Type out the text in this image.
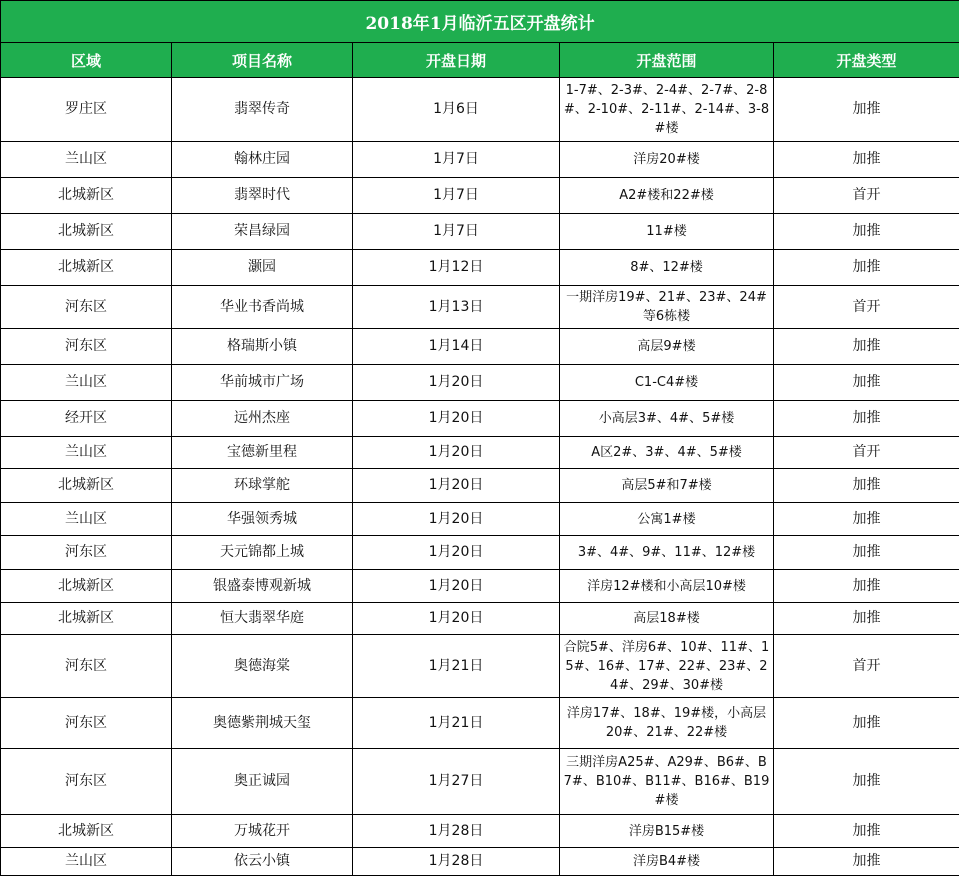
2018年1月临沂五区开盘统计				
区域	项目名称	开盘日期	开盘范围	开盘类型
罗庄区	翡翠传奇	1月6日	1-7#、2-3#、2-4#、2-7#、2-8#、2-10#、2-11#、2-14#、3-8#楼	加推
兰山区	翰林庄园	1月7日	洋房20#楼	加推
北城新区	翡翠时代	1月7日	A2#楼和22#楼	首开
北城新区	荣昌绿园	1月7日	11#楼	加推
北城新区	灏园	1月12日	8#、12#楼	加推
河东区	华业书香尚城	1月13日	一期洋房19#、21#、23#、24#等6栋楼	首开
河东区	格瑞斯小镇	1月14日	高层9#楼	加推
兰山区	华前城市广场	1月20日	C1-C4#楼	加推
经开区	远州杰座	1月20日	小高层3#、4#、5#楼	加推
兰山区	宝德新里程	1月20日	A区2#、3#、4#、5#楼	首开
北城新区	环球掌舵	1月20日	高层5#和7#楼	加推
兰山区	华强领秀城	1月20日	公寓1#楼	加推
河东区	天元锦都上城	1月20日	3#、4#、9#、11#、12#楼	加推
北城新区	银盛泰博观新城	1月20日	洋房12#楼和小高层10#楼	加推
北城新区	恒大翡翠华庭	1月20日	高层18#楼	加推
河东区	奥德海棠	1月21日	合院5#、洋房6#、10#、11#、15#、16#、17#、22#、23#、24#、29#、30#楼	首开
河东区	奥德紫荆城天玺	1月21日	洋房17#、18#、19#楼，小高层20#、21#、22#楼	加推
河东区	奥正诚园	1月27日	三期洋房A25#、A29#、B6#、B7#、B10#、B11#、B16#、B19#楼	加推
北城新区	万城花开	1月28日	洋房B15#楼	加推
兰山区	依云小镇	1月28日	洋房B4#楼	加推
